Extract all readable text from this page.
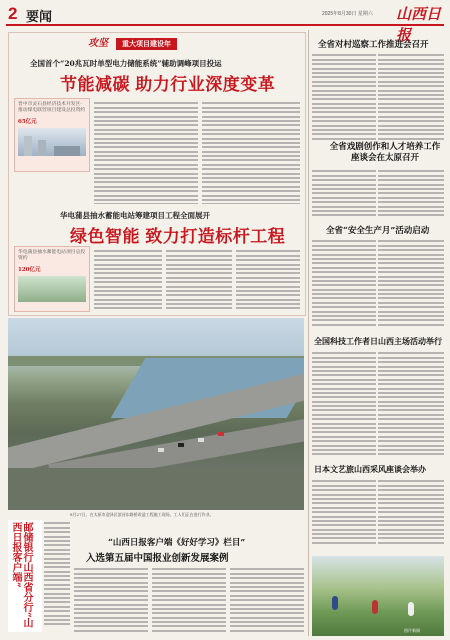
2 要闻	2025年8月30日 星期六 山西日报
攻坚	重大项目建设年
全国首个“20兆瓦时单型电力储能系统”辅助调峰项目投运
节能减碳 助力行业深度变革
晋中市灵石县经济技术开发区·推动煤电联营项目建设总投资约
65亿元
华电蒲县抽水蓄能电站筹建项目工程全面展开
绿色智能 致力打造标杆工程
华电蒲县抽水蓄能电站项目总投资约
120亿元
8月27日，在太原市迎泽区滨河东路桥改造工程施工现场，工人们正在进行作业。
邮储银行山西省分行“山西日报客户端”	“山西日报客户端《好好学习》栏目”
入选第五届中国报业创新发展案例
全省对村巡察工作推进会召开
全省戏剧创作和人才培养工作座谈会在太原召开
全省“安全生产月”活动启动
全国科技工作者日山西主场活动举行
日本文艺旅山西采风座谈会举办
图片新闻
